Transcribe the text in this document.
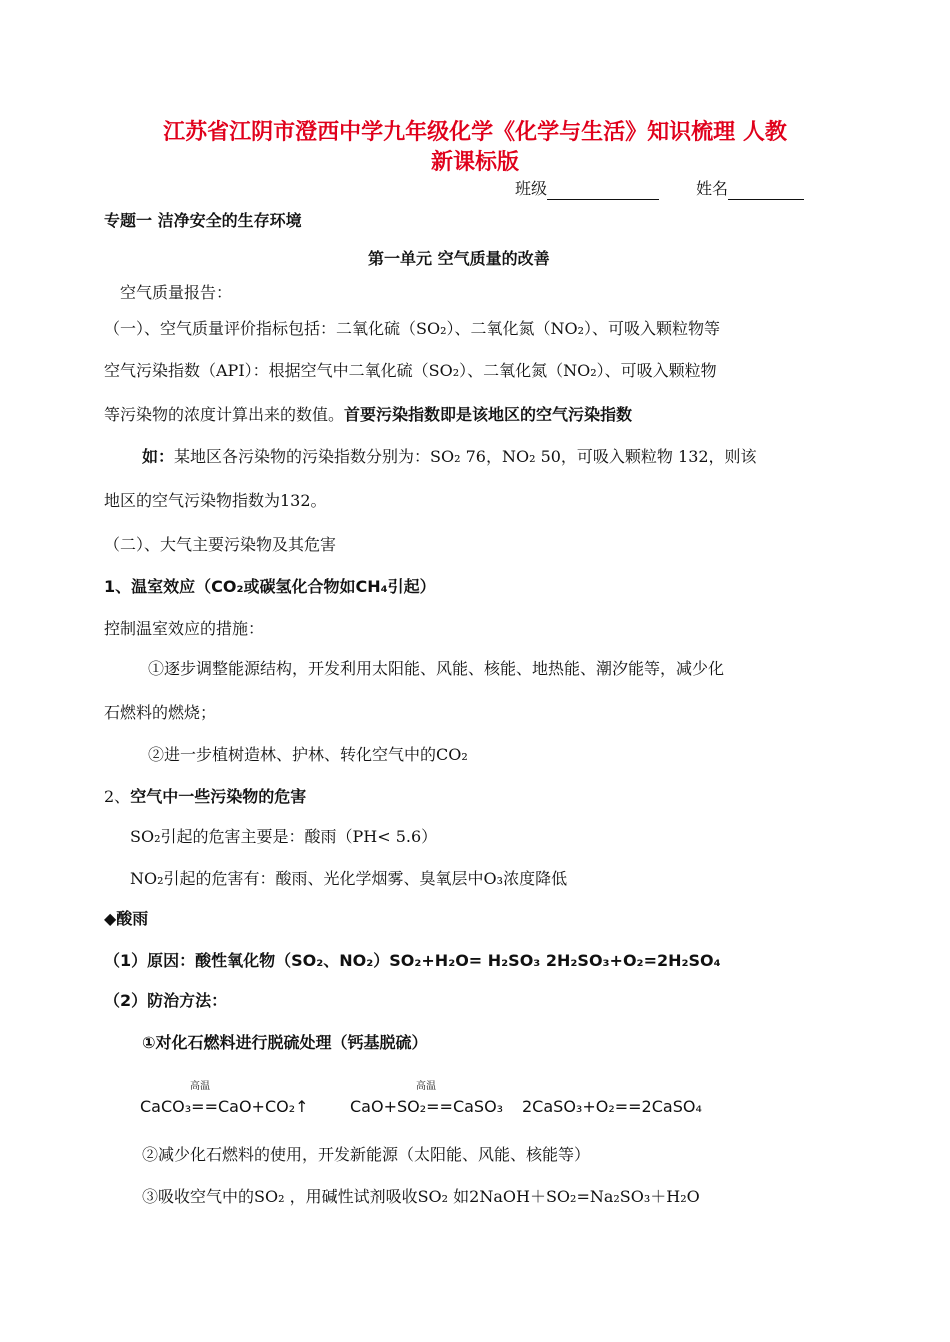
江苏省江阴市澄西中学九年级化学《化学与生活》知识梳理 人教
新课标版
班级	姓名
专题一 洁净安全的生存环境
第一单元 空气质量的改善
空气质量报告：
（一）、空气质量评价指标包括：二氧化硫（SO₂）、二氧化氮（NO₂）、可吸入颗粒物等
空气污染指数（API）：根据空气中二氧化硫（SO₂）、二氧化氮（NO₂）、可吸入颗粒物
等污染物的浓度计算出来的数值。首要污染指数即是该地区的空气污染指数
如：某地区各污染物的污染指数分别为：SO₂ 76，NO₂ 50，可吸入颗粒物 132，则该
地区的空气污染物指数为132。
（二）、大气主要污染物及其危害
1、温室效应（CO₂或碳氢化合物如CH₄引起）
控制温室效应的措施：
①逐步调整能源结构，开发利用太阳能、风能、核能、地热能、潮汐能等，减少化
石燃料的燃烧；
②进一步植树造林、护林、转化空气中的CO₂
2、空气中一些污染物的危害
SO₂引起的危害主要是：酸雨（PH< 5.6）
NO₂引起的危害有：酸雨、光化学烟雾、臭氧层中O₃浓度降低
◆酸雨
（1）原因：酸性氧化物（SO₂、NO₂）SO₂+H₂O= H₂SO₃ 2H₂SO₃+O₂=2H₂SO₄
（2）防治方法：
①对化石燃料进行脱硫处理（钙基脱硫）
高温
CaCO₃==CaO+CO₂↑
高温
CaO+SO₂==CaSO₃ 2CaSO₃+O₂==2CaSO₄
②减少化石燃料的使用，开发新能源（太阳能、风能、核能等）
③吸收空气中的SO₂ ，用碱性试剂吸收SO₂ 如2NaOH＋SO₂=Na₂SO₃＋H₂O
